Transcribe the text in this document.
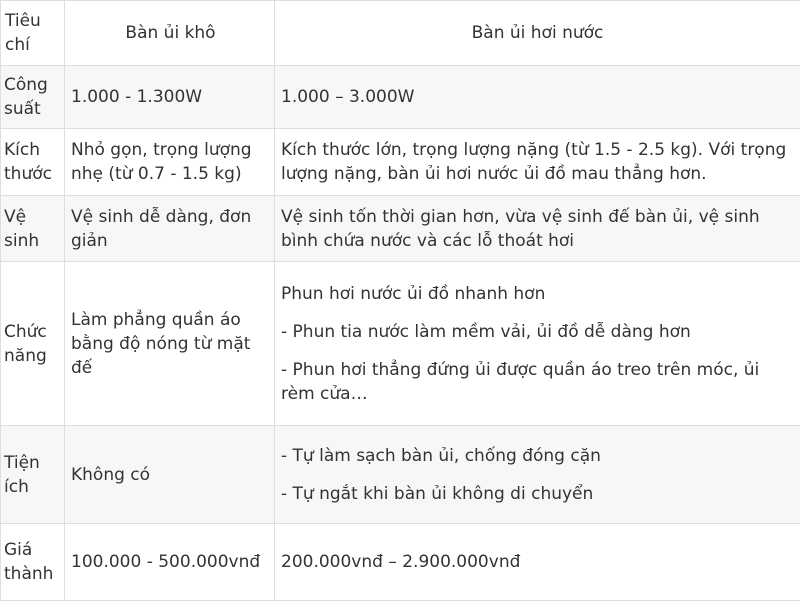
Tiêu chí	Bàn ủi khô	Bàn ủi hơi nước
Công suất	1.000 - 1.300W	1.000 – 3.000W

Kích thước	Nhỏ gọn, trọng lượng nhẹ (từ 0.7 - 1.5 kg)	Kích thước lớn, trọng lượng nặng (từ 1.5 - 2.5 kg). Với trọng lượng nặng, bàn ủi hơi nước ủi đồ mau thẳng hơn.

Vệ sinh	Vệ sinh dễ dàng, đơn giản	Vệ sinh tốn thời gian hơn, vừa vệ sinh đế bàn ủi, vệ sinh bình chứa nước và các lỗ thoát hơi

Chức năng	Làm phẳng quần áo bằng độ nóng từ mặt đế	Phun hơi nước ủi đồ nhanh hơn

- Phun tia nước làm mềm vải, ủi đồ dễ dàng hơn

- Phun hơi thẳng đứng ủi được quần áo treo trên móc, ủi rèm cửa…

Tiện ích	Không có	- Tự làm sạch bàn ủi, chống đóng cặn

- Tự ngắt khi bàn ủi không di chuyển

Giá thành	100.000 - 500.000vnđ	200.000vnđ – 2.900.000vnđ
